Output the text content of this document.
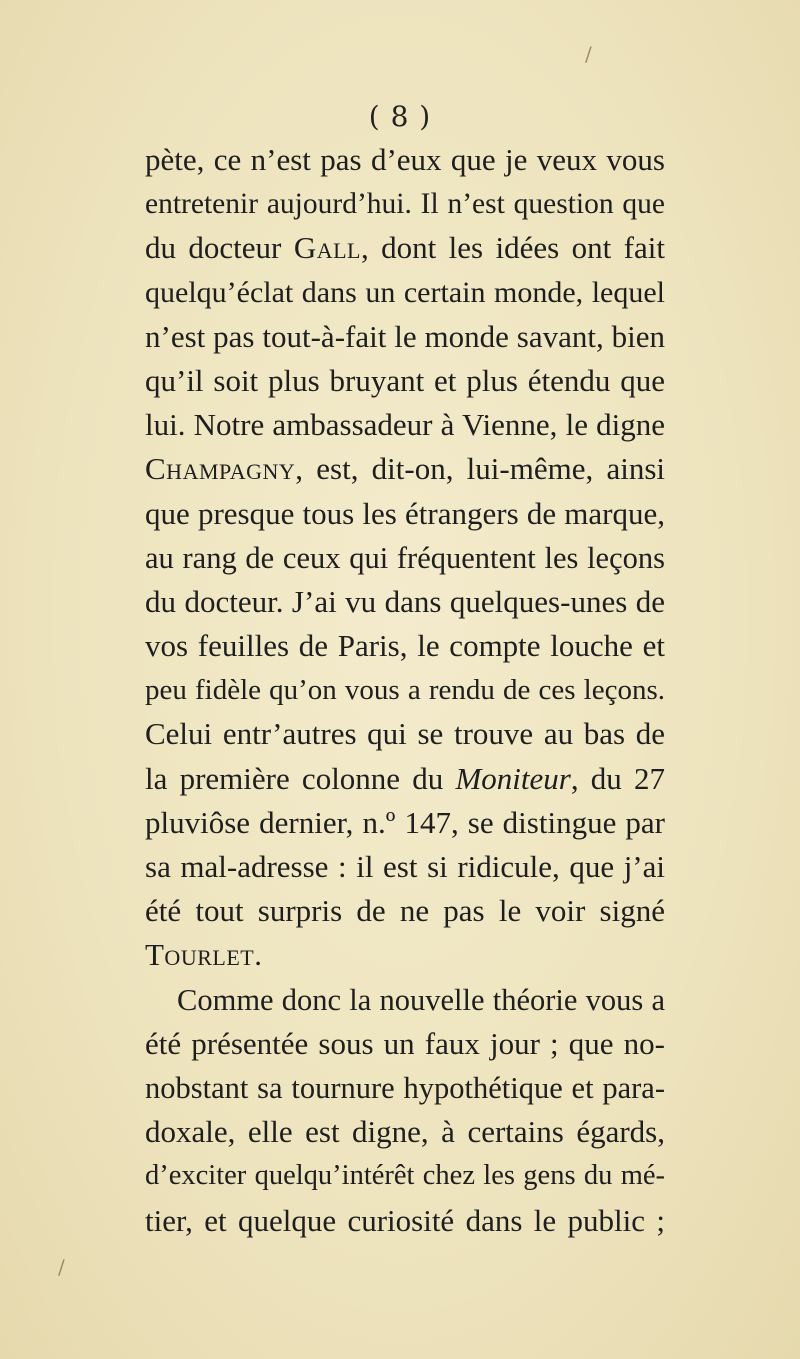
( 8 )
pète, ce n’est pas d’eux que je veux vous
entretenir aujourd’hui. Il n’est question que
du docteur Gall, dont les idées ont fait
quelqu’éclat dans un certain monde, lequel
n’est pas tout-à-fait le monde savant, bien
qu’il soit plus bruyant et plus étendu que
lui. Notre ambassadeur à Vienne, le digne
Champagny, est, dit-on, lui-même, ainsi
que presque tous les étrangers de marque,
au rang de ceux qui fréquentent les leçons
du docteur. J’ai vu dans quelques-unes de
vos feuilles de Paris, le compte louche et
peu fidèle qu’on vous a rendu de ces leçons.
Celui entr’autres qui se trouve au bas de
la première colonne du Moniteur, du 27
pluviôse dernier, n.º 147, se distingue par
sa mal-adresse : il est si ridicule, que j’ai
été tout surpris de ne pas le voir signé
Tourlet.
Comme donc la nouvelle théorie vous a
été présentée sous un faux jour ; que no-
nobstant sa tournure hypothétique et para-
doxale, elle est digne, à certains égards,
d’exciter quelqu’intérêt chez les gens du mé-
tier, et quelque curiosité dans le public ;
/
/
